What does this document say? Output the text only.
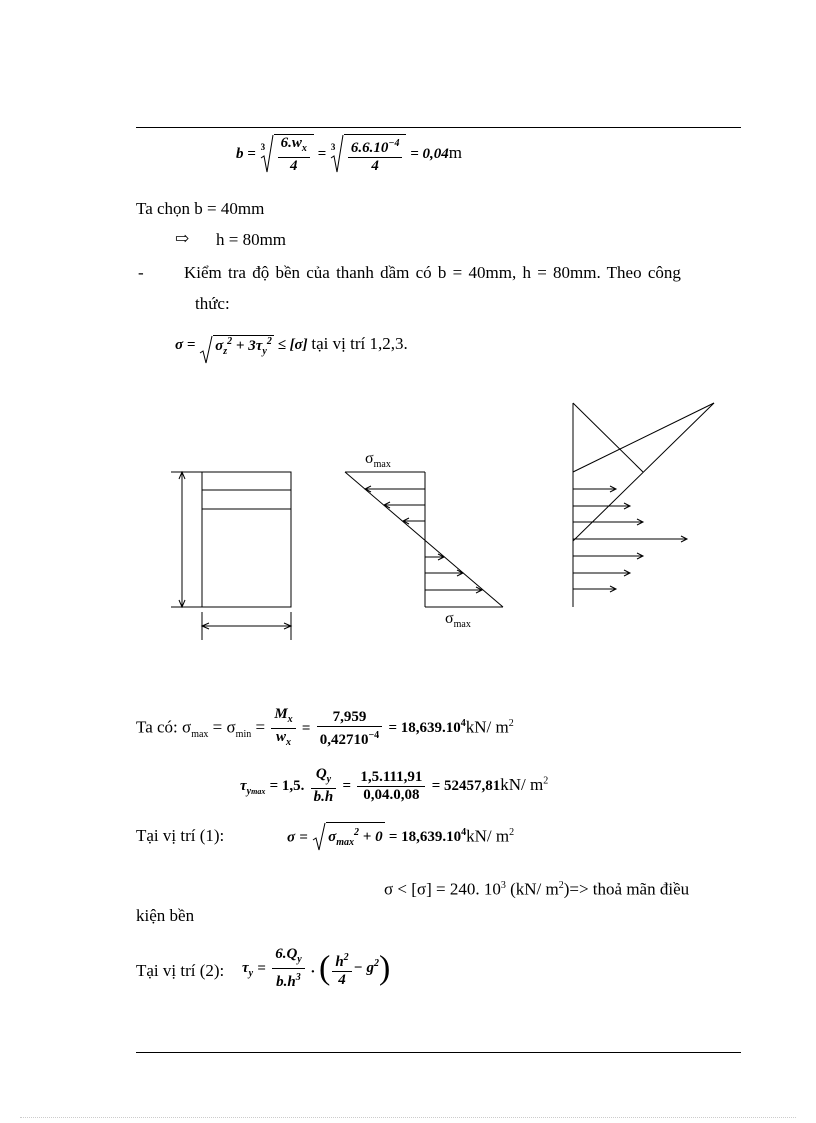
$b = 3 \frac{6.w_x}{4} = 3 \frac{6.6.10^{-4}}{4} = 0,04m$
Ta chọn b = 40mm
⇨ h = 80mm
- Kiểm tra độ bền của thanh dầm có b = 40mm, h = 80mm. Theo công
thức:
σ =
$\sigma_z^2 + 3\tau_y^2 \le [\sigma]$ tại vị trí 1,2,3.
$\sigma_{max}$
$\sigma_{max}$
Ta có: $\sigma_{max} = \sigma_{min} = \frac{M_x}{w_x} = \frac{7,959}{0,42710^{-4}} = 18,639.10^4kN/$ $m^2$
$\tau_{ymax} = 1,5$. $\frac{Q_y}{b.h} = \frac{1,5.111,91}{0,04.0,08} = 52457,81kN/$ $m^2$
Tại vị trí (1):	$\sigma = \sigma_{max}^2 + 0 = 18,639.10^4kN/$ $m^2$
σ < [σ] = 240. $10^3$ (kN/ $m^2)=>$ thoả mãn điều
kiện bền
Tại vị trí (2): $\tau_y = \frac{6.Q_y}{b.h^3}$ . ( $\frac{h^2}{4} - g^2$)
